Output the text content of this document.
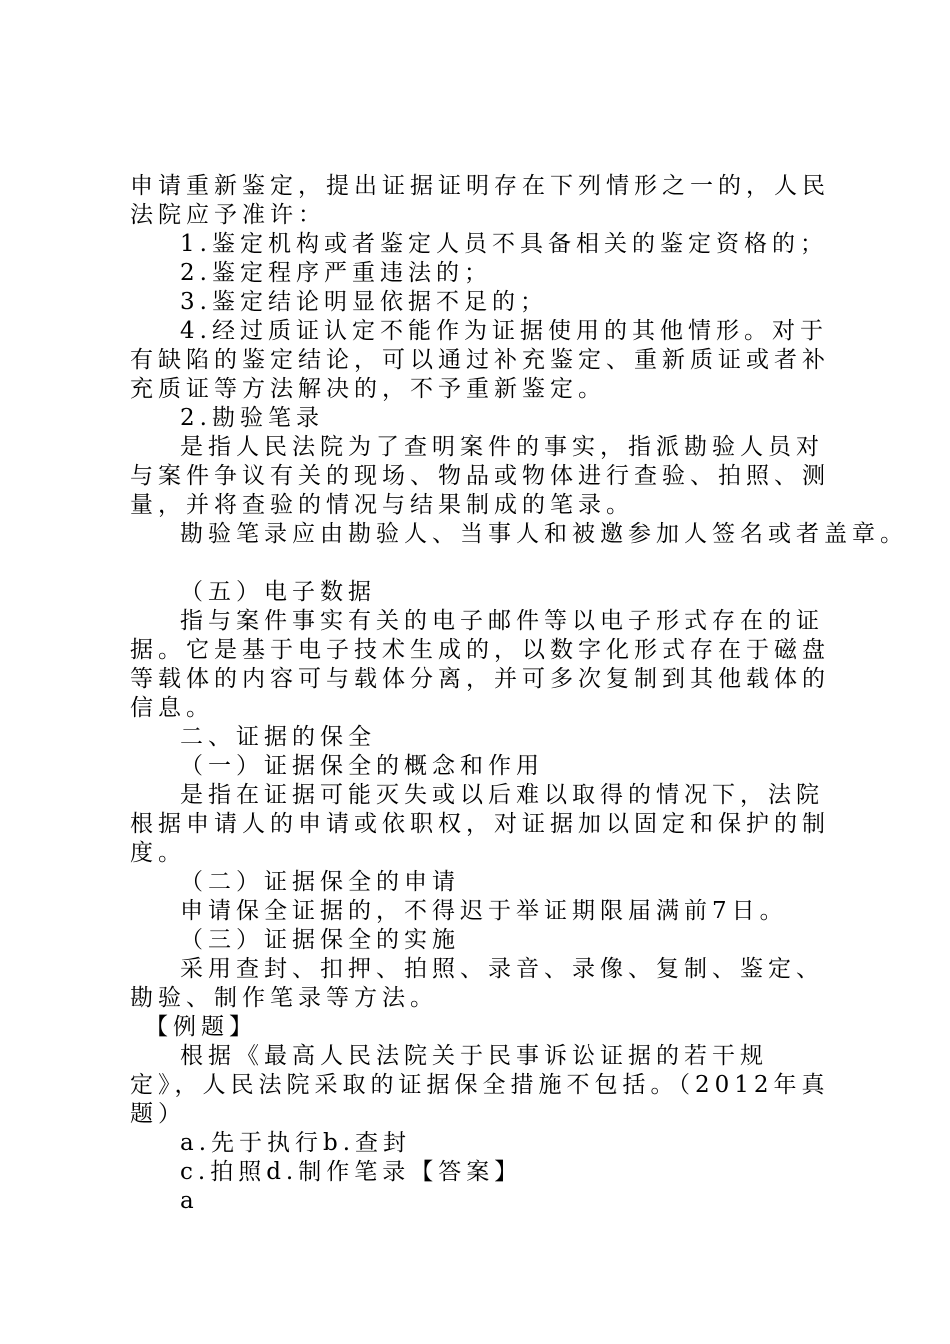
申请重新鉴定，提出证据证明存在下列情形之一的，人民法院应予准许：

1.鉴定机构或者鉴定人员不具备相关的鉴定资格的；

2.鉴定程序严重违法的；

3.鉴定结论明显依据不足的；

4.经过质证认定不能作为证据使用的其他情形。对于有缺陷的鉴定结论，可以通过补充鉴定、重新质证或者补充质证等方法解决的，不予重新鉴定。

2.勘验笔录

是指人民法院为了查明案件的事实，指派勘验人员对与案件争议有关的现场、物品或物体进行查验、拍照、测量，并将查验的情况与结果制成的笔录。

勘验笔录应由勘验人、当事人和被邀参加人签名或者盖章。

（五）电子数据

指与案件事实有关的电子邮件等以电子形式存在的证据。它是基于电子技术生成的，以数字化形式存在于磁盘等载体的内容可与载体分离，并可多次复制到其他载体的信息。

二、证据的保全

（一）证据保全的概念和作用

是指在证据可能灭失或以后难以取得的情况下，法院根据申请人的申请或依职权，对证据加以固定和保护的制度。

（二）证据保全的申请

申请保全证据的，不得迟于举证期限届满前7日。

（三）证据保全的实施

采用查封、扣押、拍照、录音、录像、复制、鉴定、勘验、制作笔录等方法。

【例题】

根据《最高人民法院关于民事诉讼证据的若干规定》，人民法院采取的证据保全措施不包括。（2012年真题）

a.先于执行b.查封

c.拍照d.制作笔录【答案】

a
